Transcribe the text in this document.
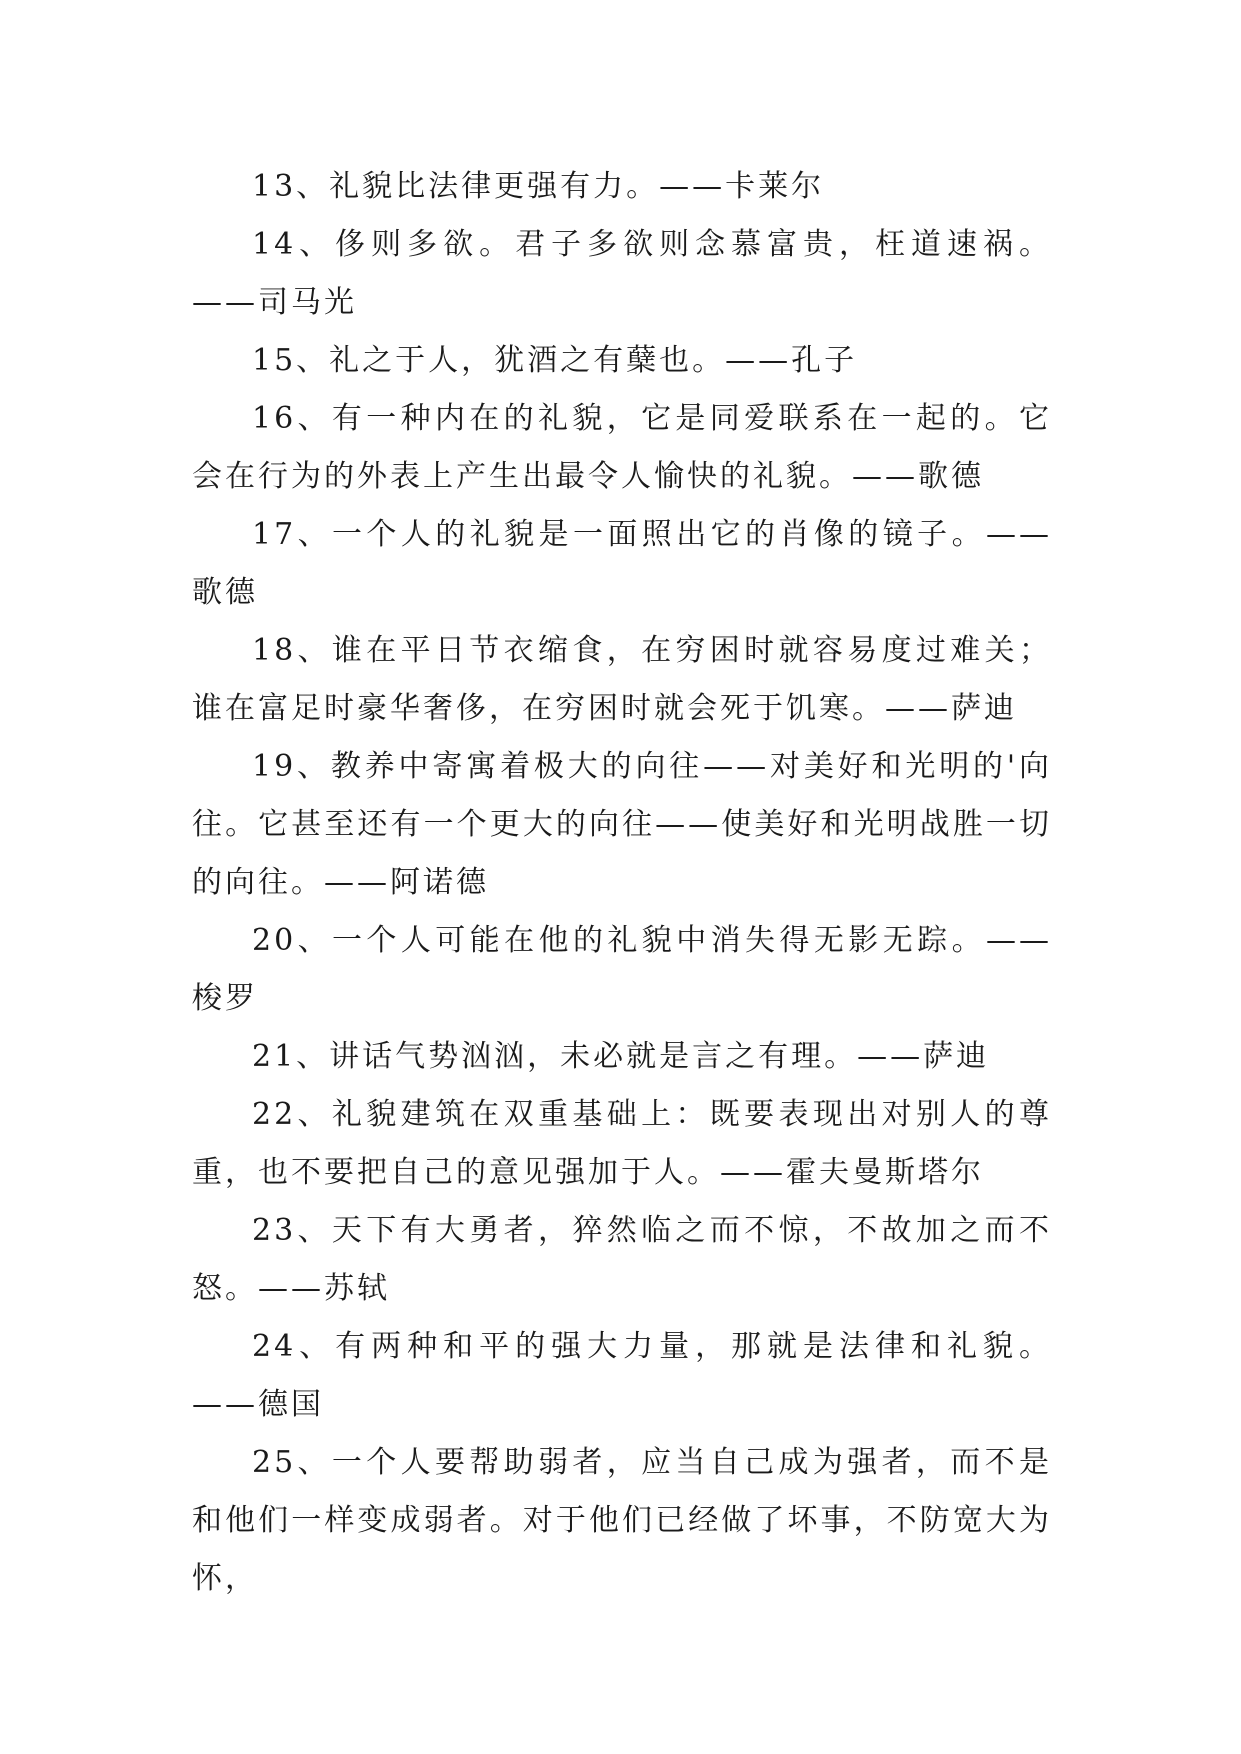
13、礼貌比法律更强有力。——卡莱尔

14、侈则多欲。君子多欲则念慕富贵，枉道速祸。——司马光

15、礼之于人，犹酒之有蘖也。——孔子

16、有一种内在的礼貌，它是同爱联系在一起的。它会在行为的外表上产生出最令人愉快的礼貌。——歌德

17、一个人的礼貌是一面照出它的肖像的镜子。——歌德

18、谁在平日节衣缩食，在穷困时就容易度过难关；谁在富足时豪华奢侈，在穷困时就会死于饥寒。——萨迪

19、教养中寄寓着极大的向往——对美好和光明的'向往。它甚至还有一个更大的向往——使美好和光明战胜一切的向往。——阿诺德

20、一个人可能在他的礼貌中消失得无影无踪。——梭罗

21、讲话气势汹汹，未必就是言之有理。——萨迪

22、礼貌建筑在双重基础上：既要表现出对别人的尊重，也不要把自己的意见强加于人。——霍夫曼斯塔尔

23、天下有大勇者，猝然临之而不惊，不故加之而不怒。——苏轼

24、有两种和平的强大力量，那就是法律和礼貌。——德国

25、一个人要帮助弱者，应当自己成为强者，而不是和他们一样变成弱者。对于他们已经做了坏事，不防宽大为怀，
